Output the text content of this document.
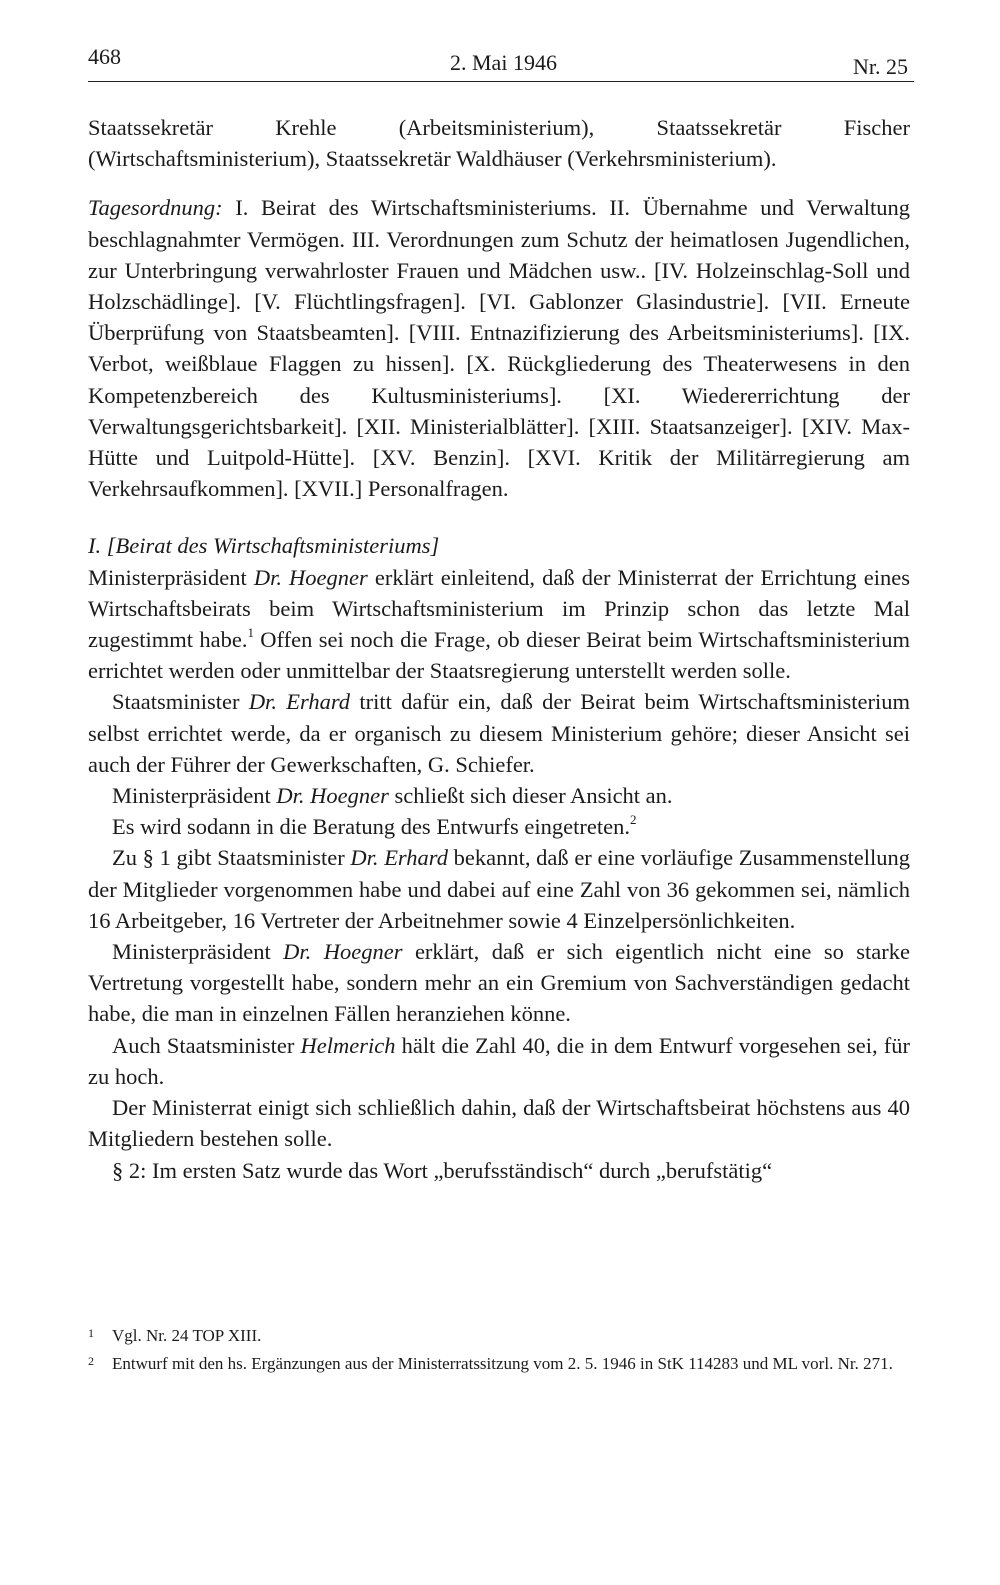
468	2. Mai 1946	Nr. 25

Staatssekretär Krehle (Arbeitsministerium), Staatssekretär Fischer (Wirtschaftsministerium), Staatssekretär Waldhäuser (Verkehrsministerium).

Tagesordnung: I. Beirat des Wirtschaftsministeriums. II. Übernahme und Verwaltung beschlagnahmter Vermögen. III. Verordnungen zum Schutz der heimatlosen Jugendlichen, zur Unterbringung verwahrloster Frauen und Mädchen usw.. [IV. Holzeinschlag-Soll und Holzschädlinge]. [V. Flüchtlingsfragen]. [VI. Gablonzer Glasindustrie]. [VII. Erneute Überprüfung von Staatsbeamten]. [VIII. Entnazifizierung des Arbeitsministeriums]. [IX. Verbot, weißblaue Flaggen zu hissen]. [X. Rückgliederung des Theaterwesens in den Kompetenzbereich des Kultusministeriums]. [XI. Wiedererrichtung der Verwaltungsgerichtsbarkeit]. [XII. Ministerialblätter]. [XIII. Staatsanzeiger]. [XIV. Max-Hütte und Luitpold-Hütte]. [XV. Benzin]. [XVI. Kritik der Militärregierung am Verkehrsaufkommen]. [XVII.] Personalfragen.

I. [Beirat des Wirtschaftsministeriums]

Ministerpräsident Dr. Hoegner erklärt einleitend, daß der Ministerrat der Errichtung eines Wirtschaftsbeirats beim Wirtschaftsministerium im Prinzip schon das letzte Mal zugestimmt habe.$^1$ Offen sei noch die Frage, ob dieser Beirat beim Wirtschaftsministerium errichtet werden oder unmittelbar der Staatsregierung unterstellt werden solle.

Staatsminister Dr. Erhard tritt dafür ein, daß der Beirat beim Wirtschaftsministerium selbst errichtet werde, da er organisch zu diesem Ministerium gehöre; dieser Ansicht sei auch der Führer der Gewerkschaften, G. Schiefer.

Ministerpräsident Dr. Hoegner schließt sich dieser Ansicht an.

Es wird sodann in die Beratung des Entwurfs eingetreten.$^2$

Zu § 1 gibt Staatsminister Dr. Erhard bekannt, daß er eine vorläufige Zusammenstellung der Mitglieder vorgenommen habe und dabei auf eine Zahl von 36 gekommen sei, nämlich 16 Arbeitgeber, 16 Vertreter der Arbeitnehmer sowie 4 Einzelpersönlichkeiten.

Ministerpräsident Dr. Hoegner erklärt, daß er sich eigentlich nicht eine so starke Vertretung vorgestellt habe, sondern mehr an ein Gremium von Sachverständigen gedacht habe, die man in einzelnen Fällen heranziehen könne.

Auch Staatsminister Helmerich hält die Zahl 40, die in dem Entwurf vorgesehen sei, für zu hoch.

Der Ministerrat einigt sich schließlich dahin, daß der Wirtschaftsbeirat höchstens aus 40 Mitgliedern bestehen solle.

§ 2: Im ersten Satz wurde das Wort „berufsständisch“ durch „berufstätig“

1	Vgl. Nr. 24 TOP XIII.
2	Entwurf mit den hs. Ergänzungen aus der Ministerratssitzung vom 2. 5. 1946 in StK 114283 und ML vorl. Nr. 271.
